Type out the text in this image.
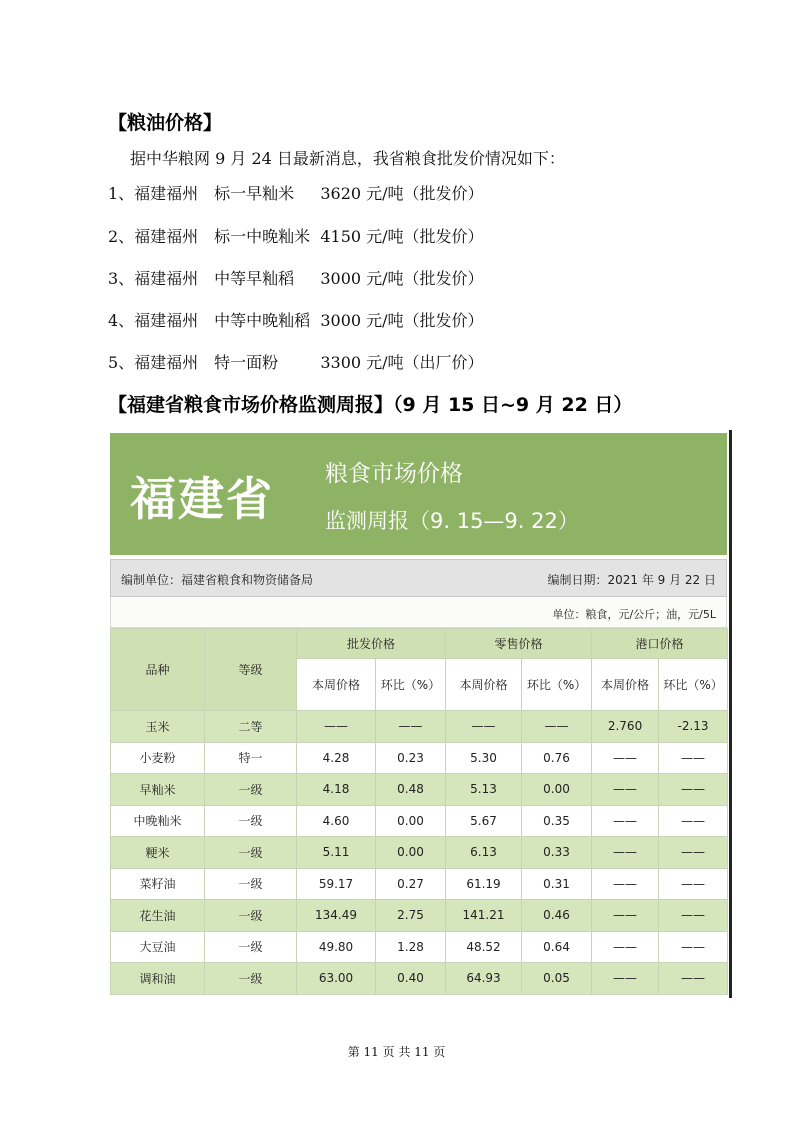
【粮油价格】
据中华粮网 9 月 24 日最新消息，我省粮食批发价情况如下：
1、福建福州　标一早籼米　  3620 元/吨（批发价）
2、福建福州　标一中晚籼米  4150 元/吨（批发价）
3、福建福州　中等早籼稻　  3000 元/吨（批发价）
4、福建福州　中等中晚籼稻  3000 元/吨（批发价）
5、福建福州　特一面粉　　  3300 元/吨（出厂价）
【福建省粮食市场价格监测周报】（9 月 15 日~9 月 22 日）
福建省 粮食市场价格
监测周报（9. 15—9. 22）
编制单位：福建省粮食和物资储备局	编制日期：2021 年 9 月 22 日
单位：粮食，元/公斤；油，元/5L
品种	等级	批发价格		零售价格		港口价格	
		本周价格	环比（%）	本周价格	环比（%）	本周价格	环比（%）
玉米	二等	——	——	——	——	2.760	-2.13
小麦粉	特一	4.28	0.23	5.30	0.76	——	——
早籼米	一级	4.18	0.48	5.13	0.00	——	——
中晚籼米	一级	4.60	0.00	5.67	0.35	——	——
粳米	一级	5.11	0.00	6.13	0.33	——	——
菜籽油	一级	59.17	0.27	61.19	0.31	——	——
花生油	一级	134.49	2.75	141.21	0.46	——	——
大豆油	一级	49.80	1.28	48.52	0.64	——	——
调和油	一级	63.00	0.40	64.93	0.05	——	——
第 11 页 共 11 页
